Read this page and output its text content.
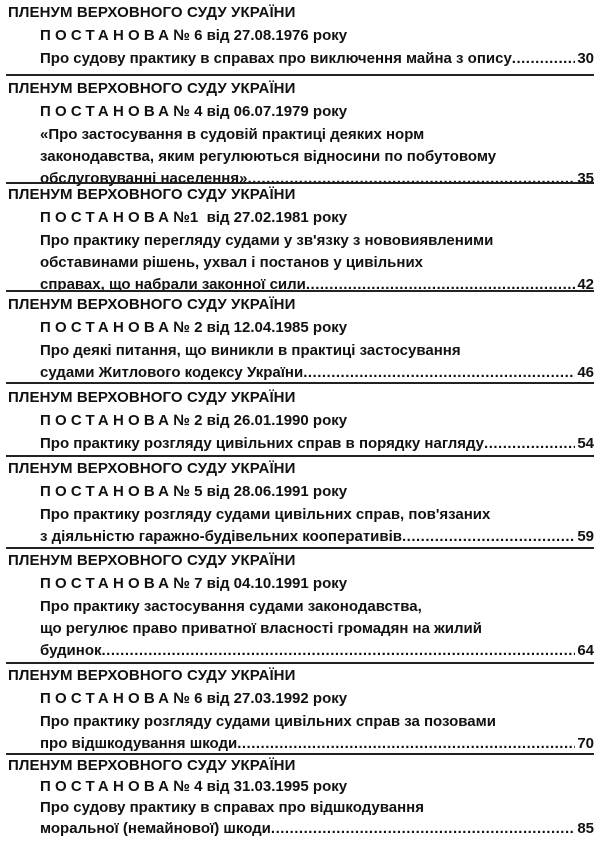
ПЛЕНУМ ВЕРХОВНОГО СУДУ УКРАЇНИ
ПОСТАНОВА№ 6 від 27.08.1976 року
Про судову практику в справах про виключення майна з опису .....	30
ПЛЕНУМ ВЕРХОВНОГО СУДУ УКРАЇНИ
ПОСТАНОВА№ 4 від 06.07.1979 року
«Про застосування в судовій практиці деяких норм
законодавства, яким регулюються відносини по побутовому
обслуговуванні населення» .....	35
ПЛЕНУМ ВЕРХОВНОГО СУДУ УКРАЇНИ
ПОСТАНОВА№1  від 27.02.1981 року
Про практику перегляду судами у зв'язку з нововиявленими
обставинами рішень, ухвал і постанов у цивільних
справах, що набрали законної сили .....	42
ПЛЕНУМ ВЕРХОВНОГО СУДУ УКРАЇНИ
ПОСТАНОВА№ 2 від 12.04.1985 року
Про деякі питання, що виникли в практиці застосування
судами Житлового кодексу України .....	46
ПЛЕНУМ ВЕРХОВНОГО СУДУ УКРАЇНИ
ПОСТАНОВА№ 2 від 26.01.1990 року
Про практику розгляду цивільних справ в порядку нагляду .....	54
ПЛЕНУМ ВЕРХОВНОГО СУДУ УКРАЇНИ
ПОСТАНОВА№ 5 від 28.06.1991 року
Про практику розгляду судами цивільних справ, пов'язаних
з діяльністю гаражно-будівельних кооперативів .....	59
ПЛЕНУМ ВЕРХОВНОГО СУДУ УКРАЇНИ
ПОСТАНОВА№ 7 від 04.10.1991 року
Про практику застосування судами законодавства,
що регулює право приватної власності громадян на жилий
будинок .....	64
ПЛЕНУМ ВЕРХОВНОГО СУДУ УКРАЇНИ
ПОСТАНОВА№ 6 від 27.03.1992 року
Про практику розгляду судами цивільних справ за позовами
про відшкодування шкоди .....	70
ПЛЕНУМ ВЕРХОВНОГО СУДУ УКРАЇНИ
ПОСТАНОВА№ 4 від 31.03.1995 року
Про судову практику в справах про відшкодування
моральної (немайнової) шкоди .....	85
